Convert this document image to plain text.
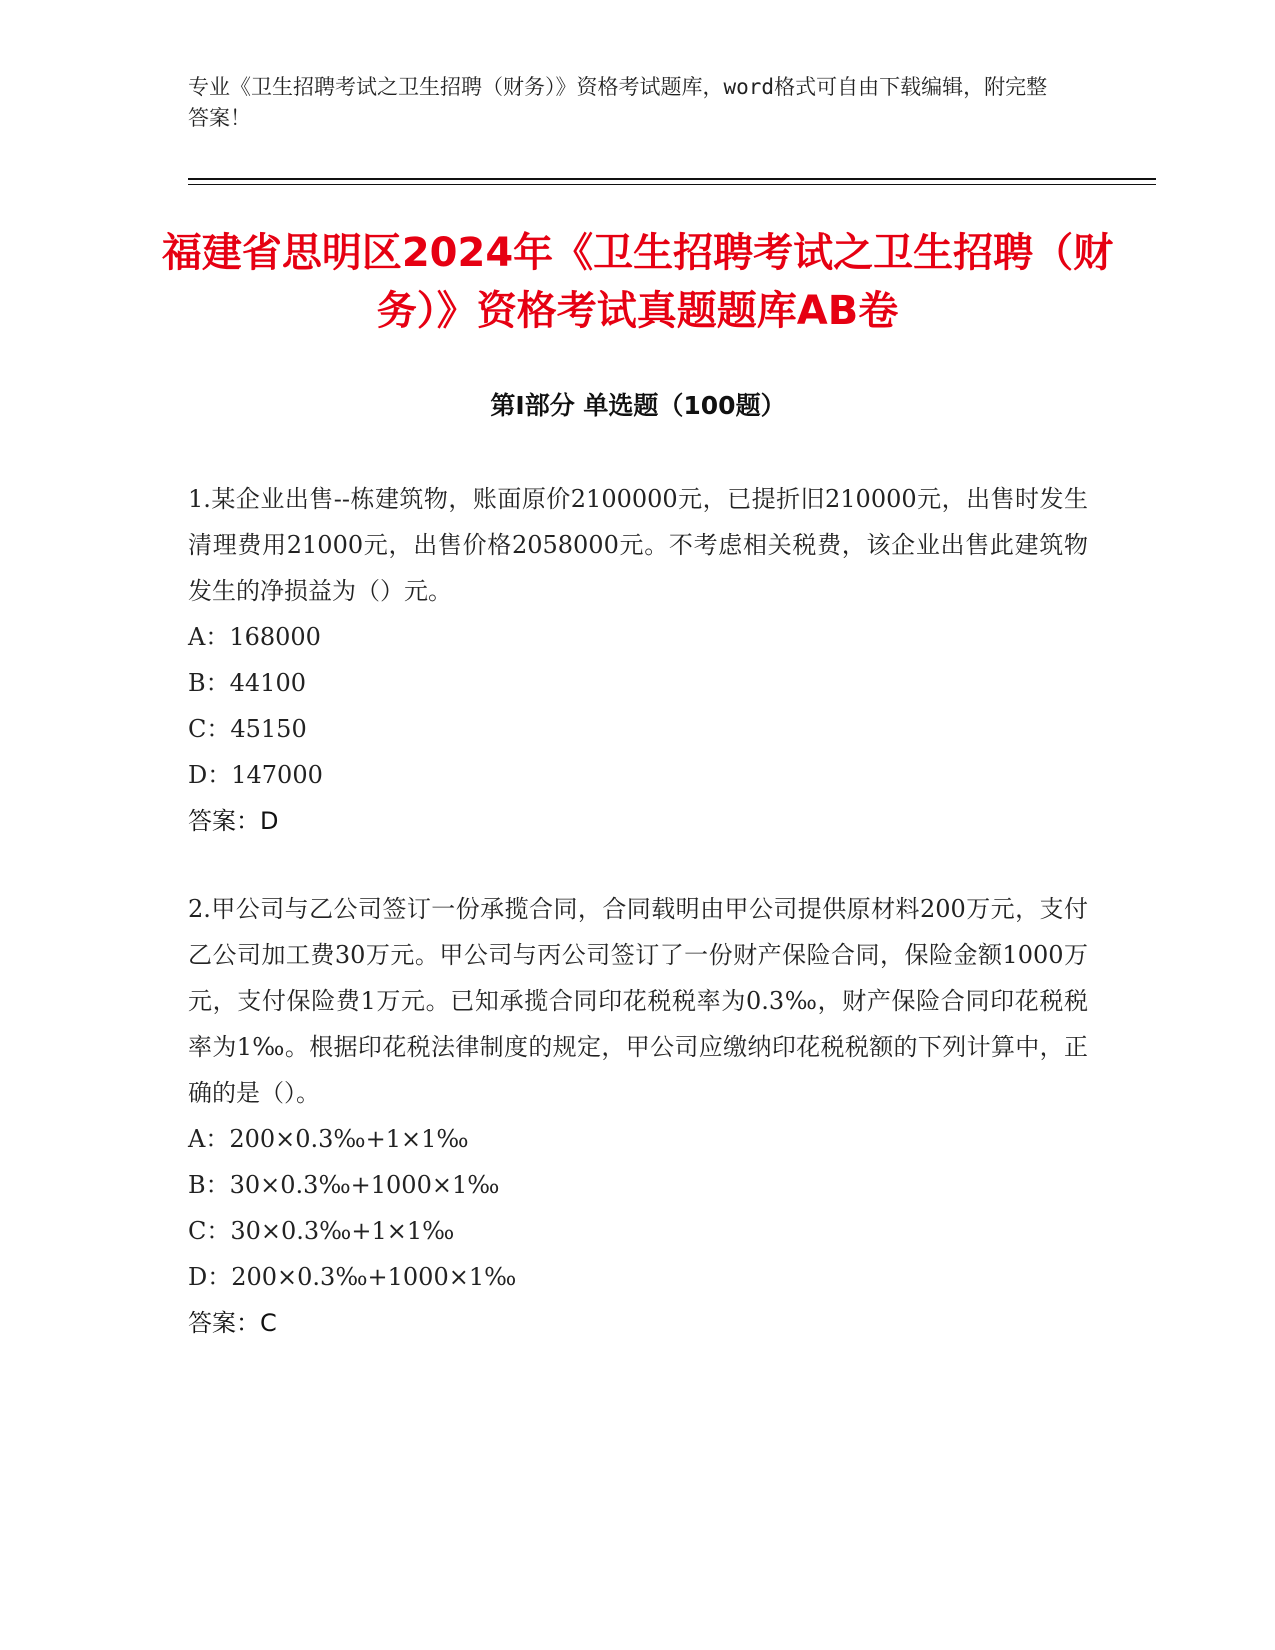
专业《卫生招聘考试之卫生招聘（财务）》资格考试题库，word格式可自由下载编辑，附完整答案！
福建省思明区2024年《卫生招聘考试之卫生招聘（财务）》资格考试真题题库AB卷
第Ⅰ部分 单选题（100题）

1.某企业出售--栋建筑物，账面原价2100000元，已提折旧210000元，出售时发生清理费用21000元，出售价格2058000元。不考虑相关税费，该企业出售此建筑物发生的净损益为（）元。

A：168000

B：44100

C：45150

D：147000

答案：D

2.甲公司与乙公司签订一份承揽合同，合同载明由甲公司提供原材料200万元，支付乙公司加工费30万元。甲公司与丙公司签订了一份财产保险合同，保险金额1000万元，支付保险费1万元。已知承揽合同印花税税率为0.3‰，财产保险合同印花税税率为1‰。根据印花税法律制度的规定，甲公司应缴纳印花税税额的下列计算中，正确的是（）。

A：200×0.3‰+1×1‰

B：30×0.3‰+1000×1‰

C：30×0.3‰+1×1‰

D：200×0.3‰+1000×1‰

答案：C
